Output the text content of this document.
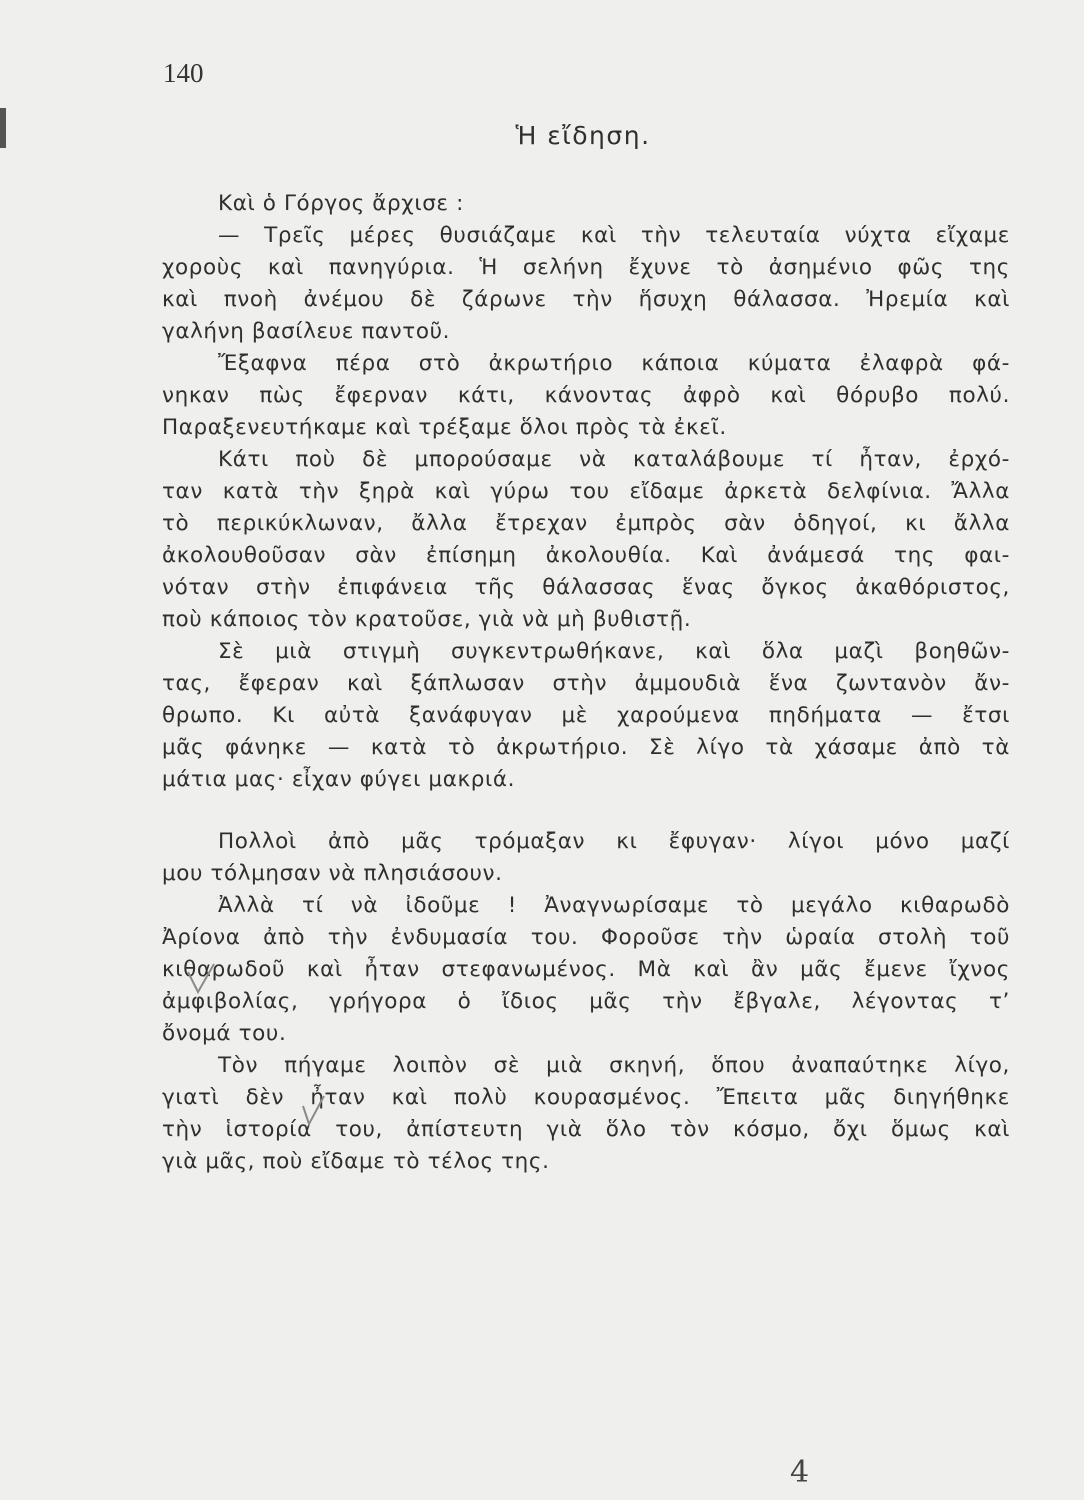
140
Ἡ εἴδηση.
Καὶ ὁ Γόργος ἄρχισε :
— Τρεῖς μέρες θυσιάζαμε καὶ τὴν τελευταία νύχτα εἴχαμε
χοροὺς καὶ πανηγύρια. Ἡ σελήνη ἔχυνε τὸ ἀσημένιο φῶς της
καὶ πνοὴ ἀνέμου δὲ ζάρωνε τὴν ἥσυχη θάλασσα. Ἠρεμία καὶ
γαλήνη βασίλευε παντοῦ.
Ἔξαφνα πέρα στὸ ἀκρωτήριο κάποια κύματα ἐλαφρὰ φά-
νηκαν πὼς ἔφερναν κάτι, κάνοντας ἀφρὸ καὶ θόρυβο πολύ.
Παραξενευτήκαμε καὶ τρέξαμε ὅλοι πρὸς τὰ ἐκεῖ.
Κάτι ποὺ δὲ μπορούσαμε νὰ καταλάβουμε τί ἦταν, ἐρχό-
ταν κατὰ τὴν ξηρὰ καὶ γύρω του εἴδαμε ἀρκετὰ δελφίνια. Ἄλλα
τὸ περικύκλωναν, ἄλλα ἔτρεχαν ἐμπρὸς σὰν ὁδηγοί, κι ἄλλα
ἀκολουθοῦσαν σὰν ἐπίσημη ἀκολουθία. Καὶ ἀνάμεσά της φαι-
νόταν στὴν ἐπιφάνεια τῆς θάλασσας ἕνας ὄγκος ἀκαθόριστος,
ποὺ κάποιος τὸν κρατοῦσε, γιὰ νὰ μὴ βυθιστῇ.
Σὲ μιὰ στιγμὴ συγκεντρωθήκανε, καὶ ὅλα μαζὶ βοηθῶν-
τας, ἔφεραν καὶ ξάπλωσαν στὴν ἀμμουδιὰ ἕνα ζωντανὸν ἄν-
θρωπο. Κι αὐτὰ ξανάφυγαν μὲ χαρούμενα πηδήματα — ἔτσι
μᾶς φάνηκε — κατὰ τὸ ἀκρωτήριο. Σὲ λίγο τὰ χάσαμε ἀπὸ τὰ
μάτια μας· εἶχαν φύγει μακριά.
Πολλοὶ ἀπὸ μᾶς τρόμαξαν κι ἔφυγαν· λίγοι μόνο μαζί
μου τόλμησαν νὰ πλησιάσουν.
Ἀλλὰ τί νὰ ἰδοῦμε ! Ἀναγνωρίσαμε τὸ μεγάλο κιθαρωδὸ
Ἀρίονα ἀπὸ τὴν ἐνδυμασία του. Φοροῦσε τὴν ὡραία στολὴ τοῦ
κιθαρωδοῦ καὶ ἦταν στεφανωμένος. Μὰ καὶ ἂν μᾶς ἔμενε ἴχνος
ἀμφιβολίας, γρήγορα ὁ ἴδιος μᾶς τὴν ἔβγαλε, λέγοντας τ’
ὄνομά του.
Τὸν πήγαμε λοιπὸν σὲ μιὰ σκηνή, ὅπου ἀναπαύτηκε λίγο,
γιατὶ δὲν ἦταν καὶ πολὺ κουρασμένος. Ἔπειτα μᾶς διηγήθηκε
τὴν ἱστορία του, ἀπίστευτη γιὰ ὅλο τὸν κόσμο, ὄχι ὅμως καὶ
γιὰ μᾶς, ποὺ εἴδαμε τὸ τέλος της.
4
